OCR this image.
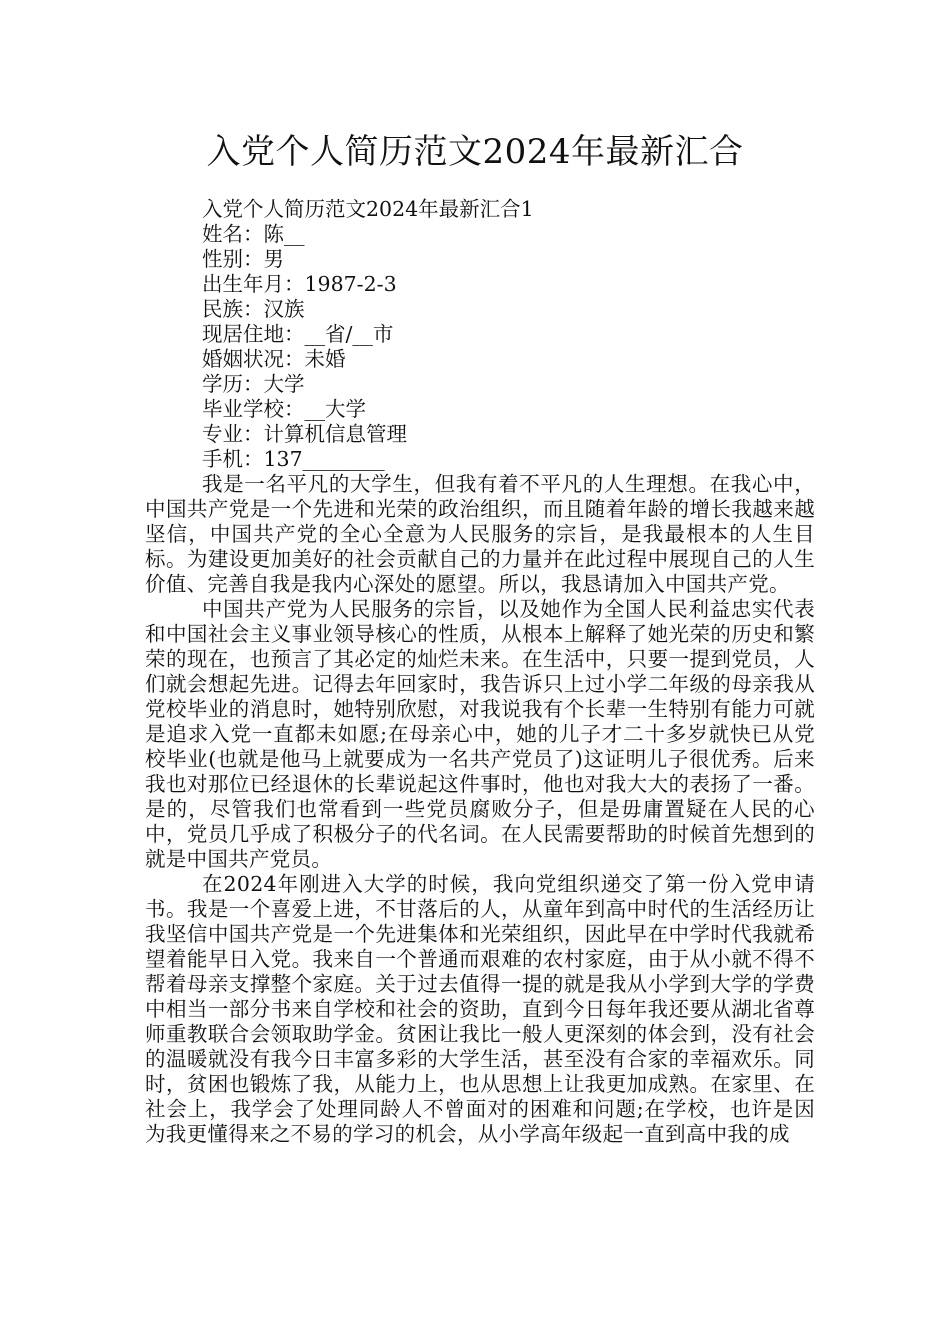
入党个人简历范文2024年最新汇合

入党个人简历范文2024年最新汇合1

姓名：陈__

性别：男

出生年月：1987-2-3

民族：汉族

现居住地：__省/__市

婚姻状况：未婚

学历：大学

毕业学校：__大学

专业：计算机信息管理

手机：137________

我是一名平凡的大学生，但我有着不平凡的人生理想。在我心中，中国共产党是一个先进和光荣的政治组织，而且随着年龄的增长我越来越坚信，中国共产党的全心全意为人民服务的宗旨，是我最根本的人生目标。为建设更加美好的社会贡献自己的力量并在此过程中展现自己的人生价值、完善自我是我内心深处的愿望。所以，我恳请加入中国共产党。

中国共产党为人民服务的宗旨，以及她作为全国人民利益忠实代表和中国社会主义事业领导核心的性质，从根本上解释了她光荣的历史和繁荣的现在，也预言了其必定的灿烂未来。在生活中，只要一提到党员，人们就会想起先进。记得去年回家时，我告诉只上过小学二年级的母亲我从党校毕业的消息时，她特别欣慰，对我说我有个长辈一生特别有能力可就是追求入党一直都未如愿;在母亲心中，她的儿子才二十多岁就快已从党校毕业(也就是他马上就要成为一名共产党员了)这证明儿子很优秀。后来我也对那位已经退休的长辈说起这件事时，他也对我大大的表扬了一番。是的，尽管我们也常看到一些党员腐败分子，但是毋庸置疑在人民的心中，党员几乎成了积极分子的代名词。在人民需要帮助的时候首先想到的就是中国共产党员。

在2024年刚进入大学的时候，我向党组织递交了第一份入党申请书。我是一个喜爱上进，不甘落后的人，从童年到高中时代的生活经历让我坚信中国共产党是一个先进集体和光荣组织，因此早在中学时代我就希望着能早日入党。我来自一个普通而艰难的农村家庭，由于从小就不得不帮着母亲支撑整个家庭。关于过去值得一提的就是我从小学到大学的学费中相当一部分书来自学校和社会的资助，直到今日每年我还要从湖北省尊师重教联合会领取助学金。贫困让我比一般人更深刻的体会到，没有社会的温暖就没有我今日丰富多彩的大学生活，甚至没有合家的幸福欢乐。同时，贫困也锻炼了我，从能力上，也从思想上让我更加成熟。在家里、在社会上，我学会了处理同龄人不曾面对的困难和问题;在学校，也许是因为我更懂得来之不易的学习的机会，从小学高年级起一直到高中我的成
